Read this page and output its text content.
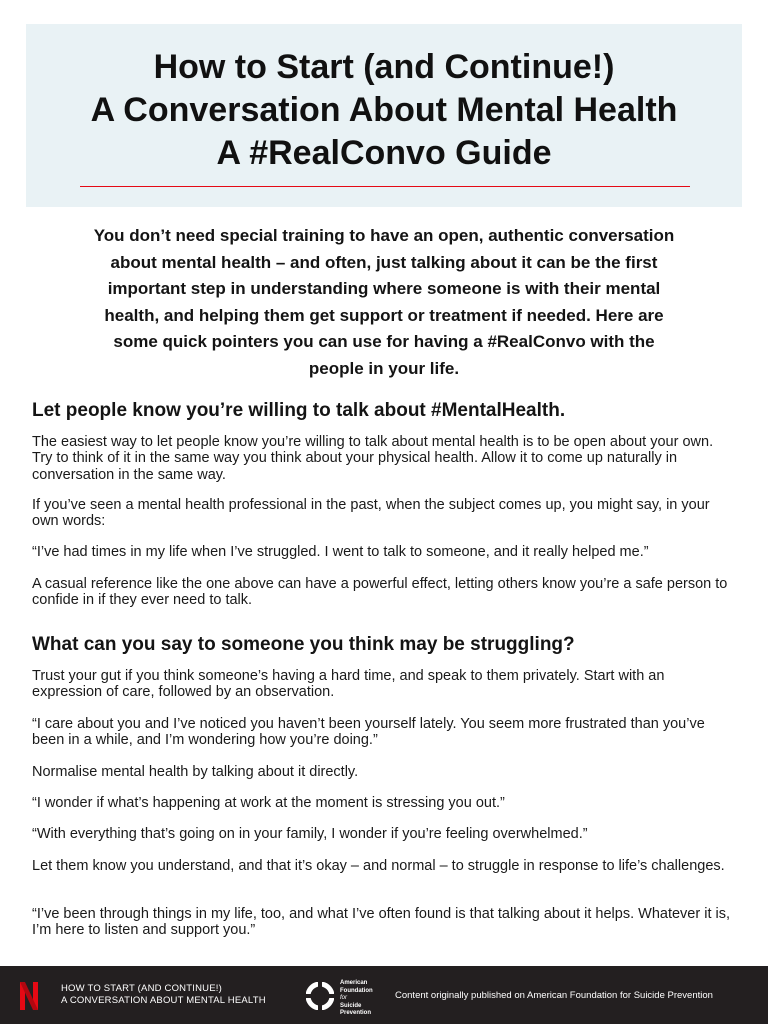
How to Start (and Continue!)
A Conversation About Mental Health
A #RealConvo Guide

You don’t need special training to have an open, authentic conversation about mental health – and often, just talking about it can be the first important step in understanding where someone is with their mental health, and helping them get support or treatment if needed. Here are some quick pointers you can use for having a #RealConvo with the people in your life.

Let people know you’re willing to talk about #MentalHealth.

The easiest way to let people know you’re willing to talk about mental health is to be open about your own. Try to think of it in the same way you think about your physical health. Allow it to come up naturally in conversation in the same way.

If you’ve seen a mental health professional in the past, when the subject comes up, you might say, in your own words:

“I’ve had times in my life when I’ve struggled. I went to talk to someone, and it really helped me.”

A casual reference like the one above can have a powerful effect, letting others know you’re a safe person to confide in if they ever need to talk.

What can you say to someone you think may be struggling?

Trust your gut if you think someone’s having a hard time, and speak to them privately. Start with an expression of care, followed by an observation.

“I care about you and I’ve noticed you haven’t been yourself lately. You seem more frustrated than you’ve been in a while, and I’m wondering how you’re doing.”

Normalise mental health by talking about it directly.

“I wonder if what’s happening at work at the moment is stressing you out.”

“With everything that’s going on in your family, I wonder if you’re feeling overwhelmed.”

Let them know you understand, and that it’s okay – and normal – to struggle in response to life’s challenges.

“I’ve been through things in my life, too, and what I’ve often found is that talking about it helps. Whatever it is, I’m here to listen and support you.”

HOW TO START (AND CONTINUE!)
A CONVERSATION ABOUT MENTAL HEALTH
American
Foundation
for
Suicide
Prevention
Content originally published on American Foundation for Suicide Prevention
